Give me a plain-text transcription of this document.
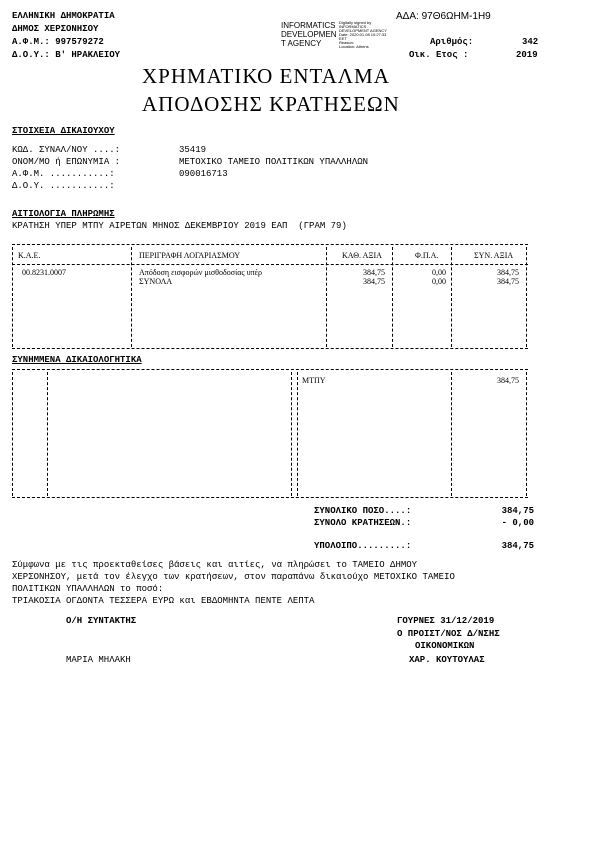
ΕΛΛΗΝΙΚΗ ΔΗΜΟΚΡΑΤΙΑ
ΔΗΜΟΣ ΧΕΡΣΟΝΗΣΟΥ
Α.Φ.Μ.: 997579272
Δ.Ο.Υ.: Β' ΗΡΑΚΛΕΙΟΥ
ΑΔΑ: 97Θ6ΩΗΜ-1Η9
INFORMATICS
DEVELOPMEN
T AGENCY
Digitally signed by
INFORMATICS
DEVELOPMENT AGENCY
Date: 2020.01.08 10:27:33
EET
Reason:
Location: Athens	Αριθμός:	342
Οικ. Ετος :	2019
ΧΡΗΜΑΤΙΚΟ ΕΝΤΑΛΜΑ
ΑΠΟΔΟΣΗΣ ΚΡΑΤΗΣΕΩΝ
ΣΤΟΙΧΕΙΑ ΔΙΚΑΙΟΥΧΟΥ
ΚΩΔ. ΣΥΝΑΛ/ΝΟΥ ....:	35419
ΟΝΟΜ/ΜΟ ή ΕΠΩΝΥΜΙΑ :	ΜΕΤΟΧΙΚΟ ΤΑΜΕΙΟ ΠΟΛΙΤΙΚΩΝ ΥΠΑΛΛΗΛΩΝ
Α.Φ.Μ. ...........:	090016713
Δ.Ο.Υ. ...........:
ΑΙΤΙΟΛΟΓΙΑ ΠΛΗΡΩΜΗΣ
ΚΡΑΤΗΣΗ ΥΠΕΡ ΜΤΠΥ ΑΙΡΕΤΩΝ ΜΗΝΟΣ ΔΕΚΕΜΒΡΙΟΥ 2019 ΕΑΠ  (ΓΡΑΜ 79)
Κ.Α.Ε.	ΠΕΡΙΓΡΑΦΗ ΛΟΓΑΡΙΑΣΜΟΥ	ΚΑΘ. ΑΞΙΑ	Φ.Π.Α.	ΣΥΝ. ΑΞΙΑ
00.8231.0007	Απόδοση εισφορών μισθοδοσίας υπέρ	384,75	0,00	384,75
ΣΥΝΟΛΑ	384,75	0,00	384,75
ΣΥΝΗΜΜΕΝΑ ΔΙΚΑΙΟΛΟΓΗΤΙΚΑ
ΜΤΠΥ	384,75
ΣΥΝΟΛΙΚΟ ΠΟΣΟ....:	384,75
ΣΥΝΟΛΟ ΚΡΑΤΗΣΕΩΝ.:	- 0,00
ΥΠΟΛΟΙΠΟ.........:	384,75
Σύμφωνα με τις προεκταθείσες βάσεις και αιτίες, να πληρώσει το ΤΑΜΕΙΟ ΔΗΜΟΥ
ΧΕΡΣΟΝΗΣΟΥ, μετά τον έλεγχο των κρατήσεων, στον παραπάνω δικαιούχο ΜΕΤΟΧΙΚΟ ΤΑΜΕΙΟ
ΠΟΛΙΤΙΚΩΝ ΥΠΑΛΛΗΛΩΝ το ποσό:
ΤΡΙΑΚΟΣΙΑ ΟΓΔΟΝΤΑ ΤΕΣΣΕΡΑ ΕΥΡΩ και ΕΒΔΟΜΗΝΤΑ ΠΕΝΤΕ ΛΕΠΤΑ
Ο/Η ΣΥΝΤΑΚΤΗΣ
ΜΑΡΙΑ ΜΗΛΑΚΗ
ΓΟΥΡΝΕΣ 31/12/2019
Ο ΠΡΟΙΣΤ/ΝΟΣ Δ/ΝΣΗΣ
ΟΙΚΟΝΟΜΙΚΩΝ
ΧΑΡ. ΚΟΥΤΟΥΛΑΣ
